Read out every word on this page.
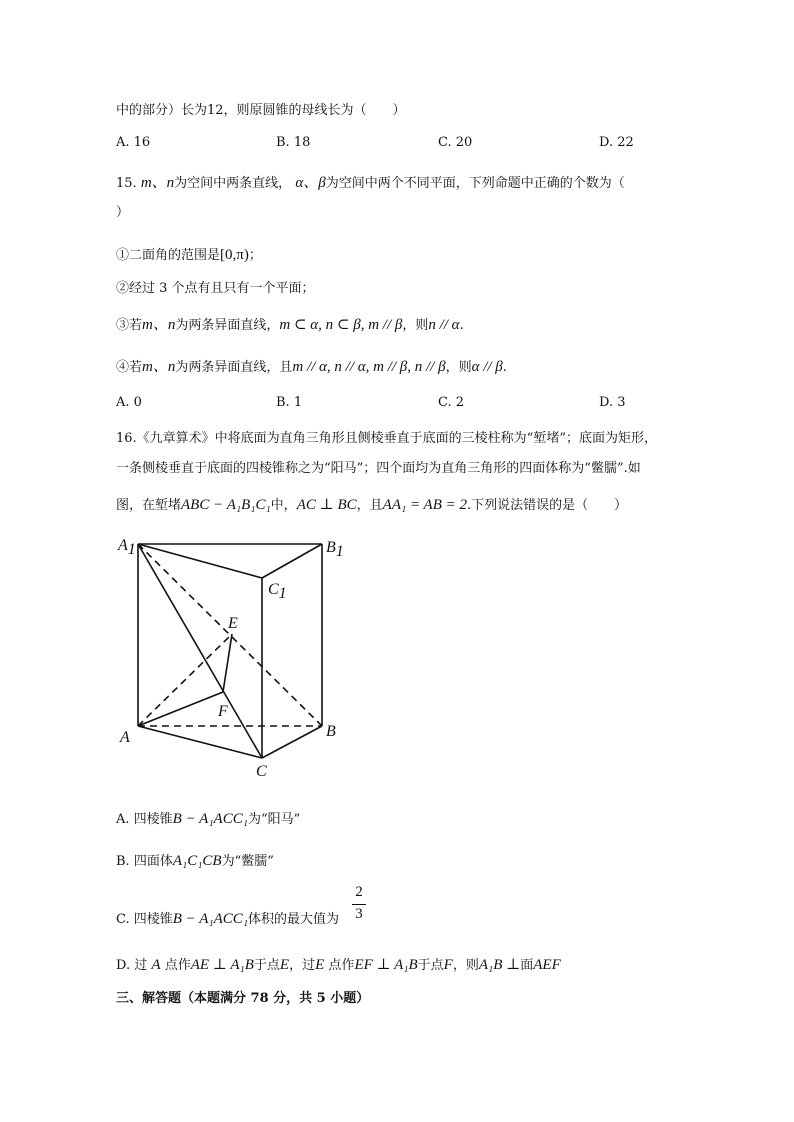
中的部分）长为12，则原圆锥的母线长为（　　）
A. 16	B. 18	C. 20	D. 22
15. m、n为空间中两条直线， α、β为空间中两个不同平面，下列命题中正确的个数为（
）
①二面角的范围是[0,π)；
②经过 3 个点有且只有一个平面；
③若m、n为两条异面直线，m ⊂ α, n ⊂ β, m // β，则n // α.
④若m、n为两条异面直线，且m // α, n // α, m // β, n // β，则α // β.
A. 0	B. 1	C. 2	D. 3
16.《九章算术》中将底面为直角三角形且侧棱垂直于底面的三棱柱称为“堑堵”；底面为矩形，
一条侧棱垂直于底面的四棱锥称之为“阳马”；四个面均为直角三角形的四面体称为“鳖臑”.如
图，在堑堵ABC − A₁B₁C₁中，AC ⊥ BC，且AA₁ = AB = 2.下列说法错误的是（　　）
A1	B1
C1
E
F
A	B
C
A. 四棱锥B − A₁ACC₁为“阳马”
B. 四面体A₁C₁CB为“鳖臑”
C. 四棱锥B − A₁ACC₁体积的最大值为
2
3
D. 过 A 点作AE ⊥ A₁B于点E，过E 点作EF ⊥ A₁B于点F，则A₁B ⊥面AEF
三、解答题（本题满分 78 分，共 5 小题）
